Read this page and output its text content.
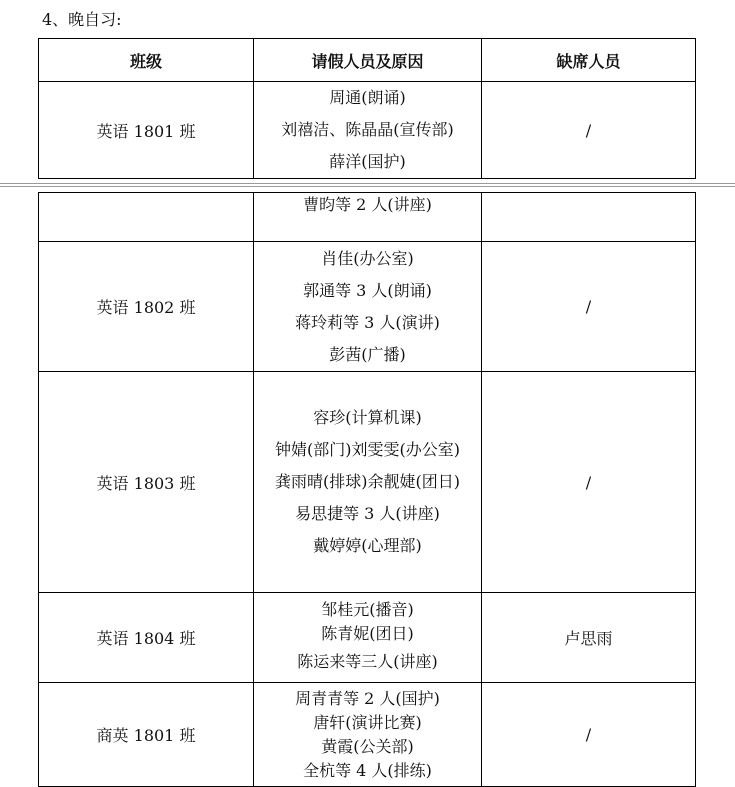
4、晚自习:
班级	请假人员及原因	缺席人员
英语 1801 班	周通(朗诵)
刘禧洁、陈晶晶(宣传部)
薛洋(国护)	/

	曹昀等 2 人(讲座)	

英语 1802 班	肖佳(办公室)
郭通等 3 人(朗诵)
蒋玲莉等 3 人(演讲)
彭茜(广播)	/
英语 1803 班	容珍(计算机课)
钟婧(部门)刘雯雯(办公室)
龚雨晴(排球)余靓婕(团日)
易思捷等 3 人(讲座)
戴婷婷(心理部)	/
英语 1804 班	邹桂元(播音)
陈青妮(团日)
陈运来等三人(讲座)	卢思雨
商英 1801 班	周青青等 2 人(国护)
唐轩(演讲比赛)
黄霞(公关部)
全杭等 4 人(排练)	/
